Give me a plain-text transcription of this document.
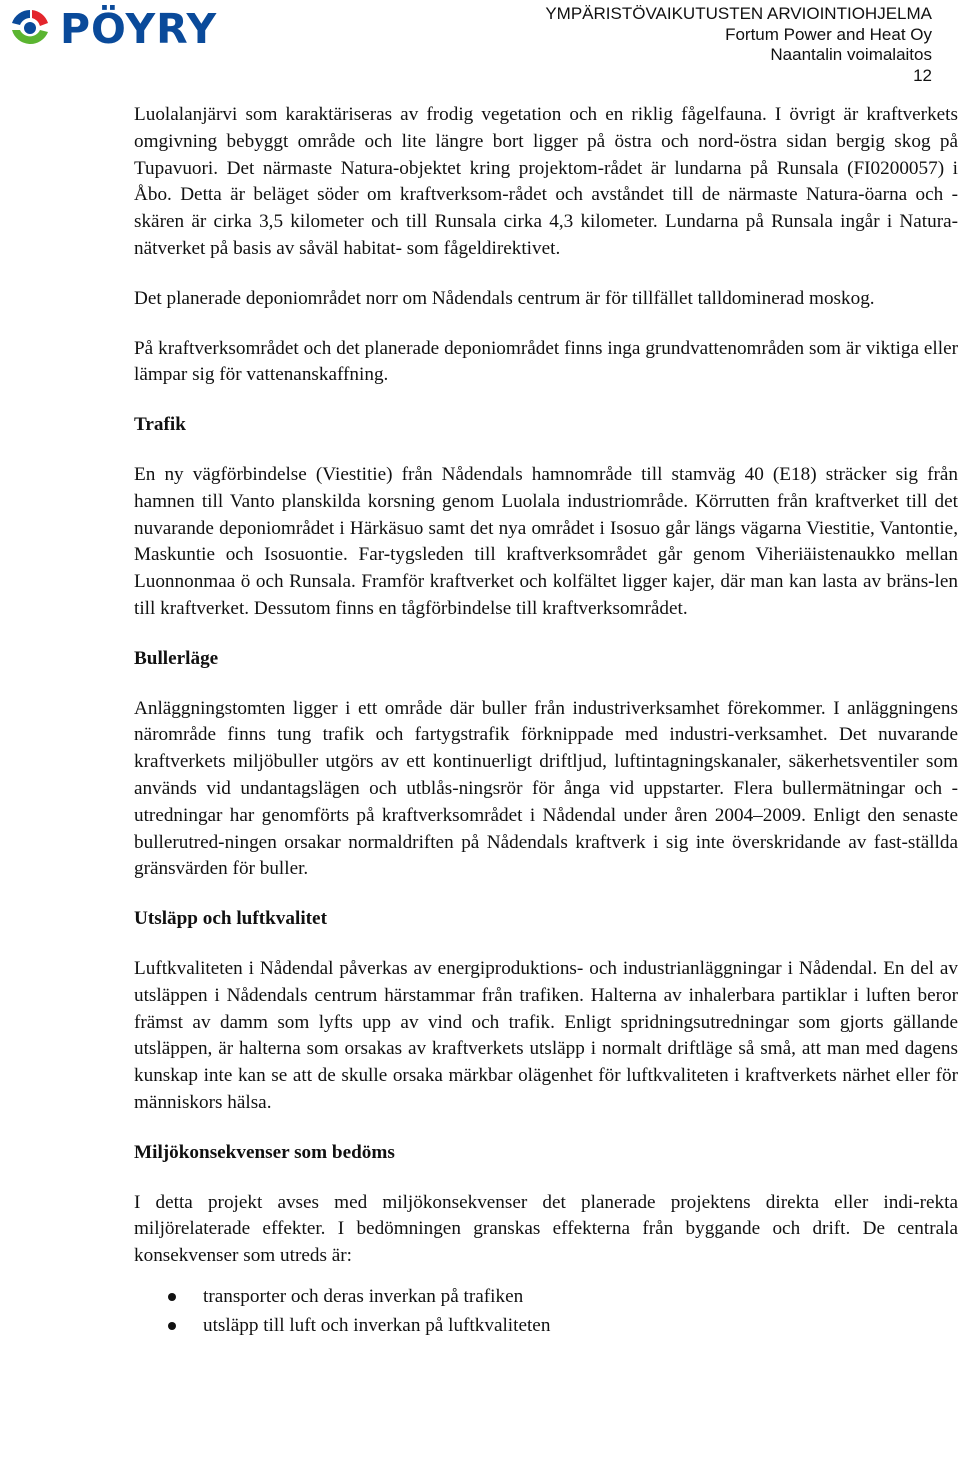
PÖYRY	YMPÄRISTÖVAIKUTUSTEN ARVIOINTIOHJELMA
Fortum Power and Heat Oy
Naantalin voimalaitos
12

Luolalanjärvi som karaktäriseras av frodig vegetation och en riklig fågelfauna. I övrigt är kraftverkets omgivning bebyggt område och lite längre bort ligger på östra och nord-östra sidan bergig skog på Tupavuori. Det närmaste Natura-objektet kring projektom-rådet är lundarna på Runsala (FI0200057) i Åbo. Detta är beläget söder om kraftverksom-rådet och avståndet till de närmaste Natura-öarna och -skären är cirka 3,5 kilometer och till Runsala cirka 4,3 kilometer. Lundarna på Runsala ingår i Natura-nätverket på basis av såväl habitat- som fågeldirektivet.

Det planerade deponiområdet norr om Nådendals centrum är för tillfället talldominerad moskog.

På kraftverksområdet och det planerade deponiområdet finns inga grundvattenområden som är viktiga eller lämpar sig för vattenanskaffning.

Trafik

En ny vägförbindelse (Viestitie) från Nådendals hamnområde till stamväg 40 (E18) sträcker sig från hamnen till Vanto planskilda korsning genom Luolala industriområde. Körrutten från kraftverket till det nuvarande deponiområdet i Härkäsuo samt det nya området i Isosuo går längs vägarna Viestitie, Vantontie, Maskuntie och Isosuontie. Far-tygsleden till kraftverksområdet går genom Viheriäistenaukko mellan Luonnonmaa ö och Runsala. Framför kraftverket och kolfältet ligger kajer, där man kan lasta av bräns-len till kraftverket. Dessutom finns en tågförbindelse till kraftverksområdet.

Bullerläge

Anläggningstomten ligger i ett område där buller från industriverksamhet förekommer. I anläggningens närområde finns tung trafik och fartygstrafik förknippade med industri-verksamhet. Det nuvarande kraftverkets miljöbuller utgörs av ett kontinuerligt driftljud, luftintagningskanaler, säkerhetsventiler som används vid undantagslägen och utblås-ningsrör för ånga vid uppstarter. Flera bullermätningar och -utredningar har genomförts på kraftverksområdet i Nådendal under åren 2004–2009. Enligt den senaste bullerutred-ningen orsakar normaldriften på Nådendals kraftverk i sig inte överskridande av fast-ställda gränsvärden för buller.

Utsläpp och luftkvalitet

Luftkvaliteten i Nådendal påverkas av energiproduktions- och industrianläggningar i Nådendal. En del av utsläppen i Nådendals centrum härstammar från trafiken. Halterna av inhalerbara partiklar i luften beror främst av damm som lyfts upp av vind och trafik. Enligt spridningsutredningar som gjorts gällande utsläppen, är halterna som orsakas av kraftverkets utsläpp i normalt driftläge så små, att man med dagens kunskap inte kan se att de skulle orsaka märkbar olägenhet för luftkvaliteten i kraftverkets närhet eller för människors hälsa.

Miljökonsekvenser som bedöms

I detta projekt avses med miljökonsekvenser det planerade projektens direkta eller indi-rekta miljörelaterade effekter. I bedömningen granskas effekterna från byggande och drift. De centrala konsekvenser som utreds är:

transporter och deras inverkan på trafiken
utsläpp till luft och inverkan på luftkvaliteten
